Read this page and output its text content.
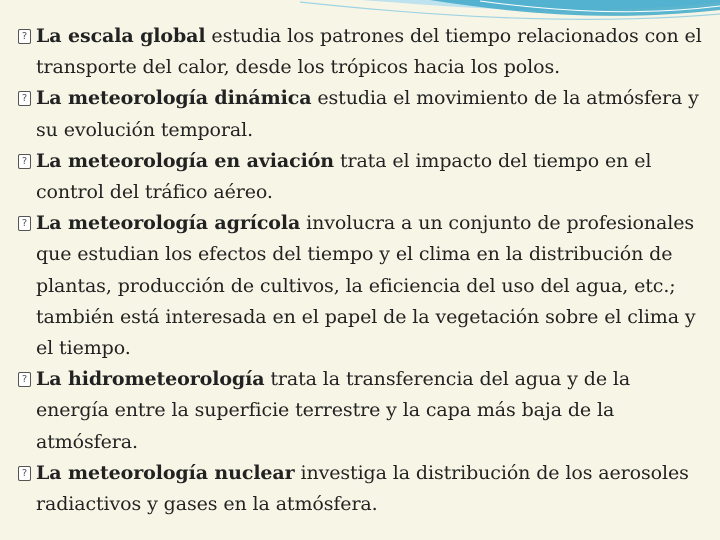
?
La escala global estudia los patrones del tiempo relacionados con el transporte del calor, desde los trópicos hacia los polos.

?
La meteorología dinámica estudia el movimiento de la atmósfera y su evolución temporal.

?
La meteorología en aviación trata el impacto del tiempo en el control del tráfico aéreo.

?
La meteorología agrícola involucra a un conjunto de profesionales que estudian los efectos del tiempo y el clima en la distribución de plantas, producción de cultivos, la eficiencia del uso del agua, etc.; también está interesada en el papel de la vegetación sobre el clima y el tiempo.

?
La hidrometeorología trata la transferencia del agua y de la energía entre la superficie terrestre y la capa más baja de la atmósfera.

?
La meteorología nuclear investiga la distribución de los aerosoles radiactivos y gases en la atmósfera.
